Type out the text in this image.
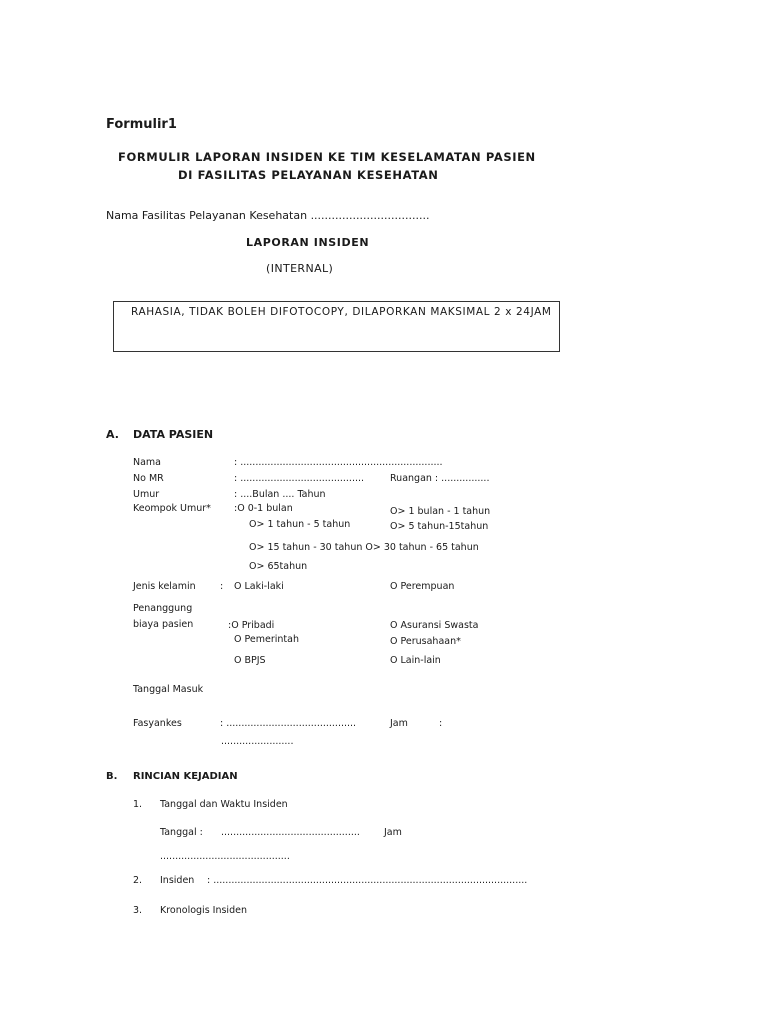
Formulir1
FORMULIR LAPORAN INSIDEN KE TIM KESELAMATAN PASIEN
DI FASILITAS PELAYANAN KESEHATAN
Nama Fasilitas Pelayanan Kesehatan ..................................
LAPORAN INSIDEN
(INTERNAL)
RAHASIA, TIDAK BOLEH DIFOTOCOPY, DILAPORKAN MAKSIMAL 2 x 24JAM
A. DATA PASIEN
Nama	: ...................................................................
No MR	: .........................................	Ruangan : ................
Umur	: ....Bulan .... Tahun
Keompok Umur* :O 0-1 bulan	O> 1 bulan - 1 tahun
O> 1 tahun - 5 tahun	O> 5 tahun-15tahun
O> 15 tahun - 30 tahun O> 30 tahun - 65 tahun
O> 65tahun
Jenis kelamin	: O Laki-laki	O Perempuan
Penanggung
biaya pasien	:O Pribadi	O Asuransi Swasta
O Pemerintah	O Perusahaan*
O BPJS	O Lain-lain
Tanggal Masuk
Fasyankes	: ...........................................	Jam	:
........................
B. RINCIAN KEJADIAN
1. Tanggal dan Waktu Insiden
Tanggal : ..............................................	Jam
...........................................
2. Insiden : ........................................................................................................
3. Kronologis Insiden
